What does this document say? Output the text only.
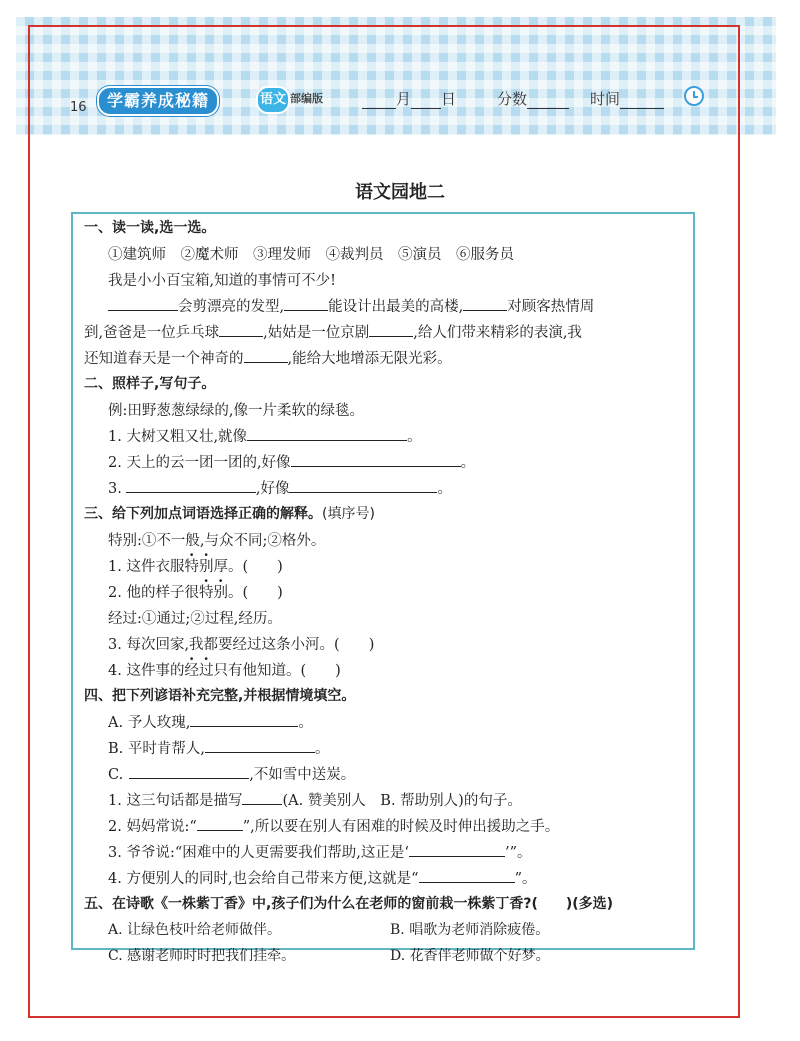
16	学霸养成秘籍	语文 部编版	月 日	分数	时间
语文园地二
一、读一读,选一选。
①建筑师　②魔术师　③理发师　④裁判员　⑤演员　⑥服务员
我是小小百宝箱,知道的事情可不少!
会剪漂亮的发型,	能设计出最美的高楼,	对顾客热情周
到,爸爸是一位乒乓球	,姑姑是一位京剧	,给人们带来精彩的表演,我
还知道春天是一个神奇的	,能给大地增添无限光彩。
二、照样子,写句子。
例:田野葱葱绿绿的,像一片柔软的绿毯。
1. 大树又粗又壮,就像	。
2. 天上的云一团一团的,好像	。
3.	,好像	。
三、给下列加点词语选择正确的解释。(填序号)
特别:①不一般,与众不同;②格外。
1. 这件衣服特别厚。(　　)
2. 他的样子很特别。(　　)
经过:①通过;②过程,经历。
3. 每次回家,我都要经过这条小河。(　　)
4. 这件事的经过只有他知道。(　　)
四、把下列谚语补充完整,并根据情境填空。
A. 予人玫瑰,	。
B. 平时肯帮人,	。
C.	,不如雪中送炭。
1. 这三句话都是描写	(A. 赞美别人　B. 帮助别人)的句子。
2. 妈妈常说:“	”,所以要在别人有困难的时候及时伸出援助之手。
3. 爷爷说:“困难中的人更需要我们帮助,这正是‘	’”。
4. 方便别人的同时,也会给自己带来方便,这就是“	”。
五、在诗歌《一株紫丁香》中,孩子们为什么在老师的窗前栽一株紫丁香?(　　)(多选)
A. 让绿色枝叶给老师做伴。	B. 唱歌为老师消除疲倦。
C. 感谢老师时时把我们挂牵。	D. 花香伴老师做个好梦。
